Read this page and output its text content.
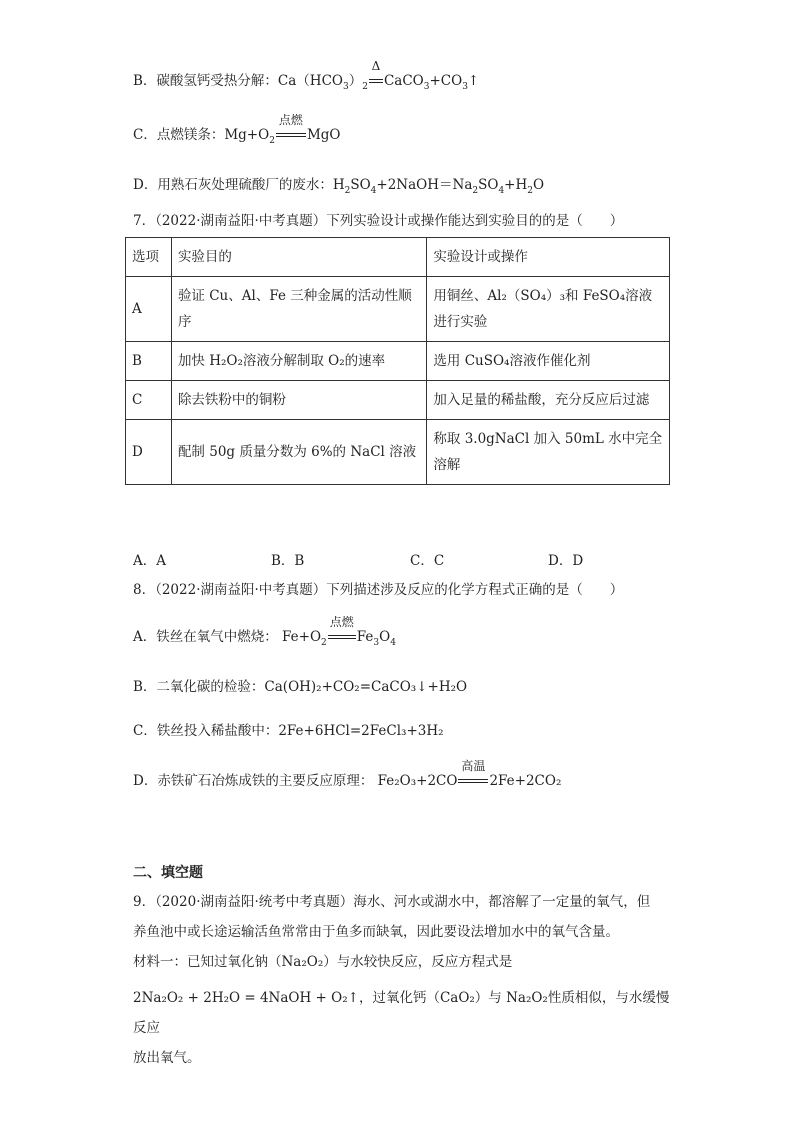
B．碳酸氢钙受热分解：$Ca(HCO_3)_2$
Δ
$CaCO_3+CO_3↑$
C．点燃镁条：$Mg+O_2$
点燃
MgO
D．用熟石灰处理硫酸厂的废水：$H_2SO_4+2NaOH=Na_2SO_4+H_2O$
7．（2022·湖南益阳·中考真题）下列实验设计或操作能达到实验目的的是（　　）
选项	实验目的	实验设计或操作
A	验证 Cu、Al、Fe 三种金属的活动性顺序	用铜丝、Al₂（SO₄）₃和 FeSO₄溶液进行实验
B	加快 H₂O₂溶液分解制取 O₂的速率	选用 CuSO₄溶液作催化剂
C	除去铁粉中的铜粉	加入足量的稀盐酸，充分反应后过滤
D	配制 50g 质量分数为 6%的 NaCl 溶液	称取 3.0gNaCl 加入 50mL 水中完全溶解
A．A	B．B	C．C	D．D
8．（2022·湖南益阳·中考真题）下列描述涉及反应的化学方程式正确的是（　　）
A．铁丝在氧气中燃烧： $Fe+O_2$
点燃
$Fe_3O_4$
B．二氧化碳的检验：Ca(OH)₂+CO₂=CaCO₃↓+H₂O
C．铁丝投入稀盐酸中：2Fe+6HCl=2FeCl₃+3H₂
D．赤铁矿石冶炼成铁的主要反应原理： Fe₂O₃+2CO
高温
2Fe+2CO₂
二、填空题
9．（2020·湖南益阳·统考中考真题）海水、河水或湖水中，都溶解了一定量的氧气，但
养鱼池中或长途运输活鱼常常由于鱼多而缺氧，因此要设法增加水中的氧气含量。
材料一：已知过氧化钠（Na₂O₂）与水较快反应，反应方程式是
2Na₂O₂ + 2H₂O = 4NaOH + O₂↑，过氧化钙（CaO₂）与 Na₂O₂性质相似，与水缓慢反应
放出氧气。
